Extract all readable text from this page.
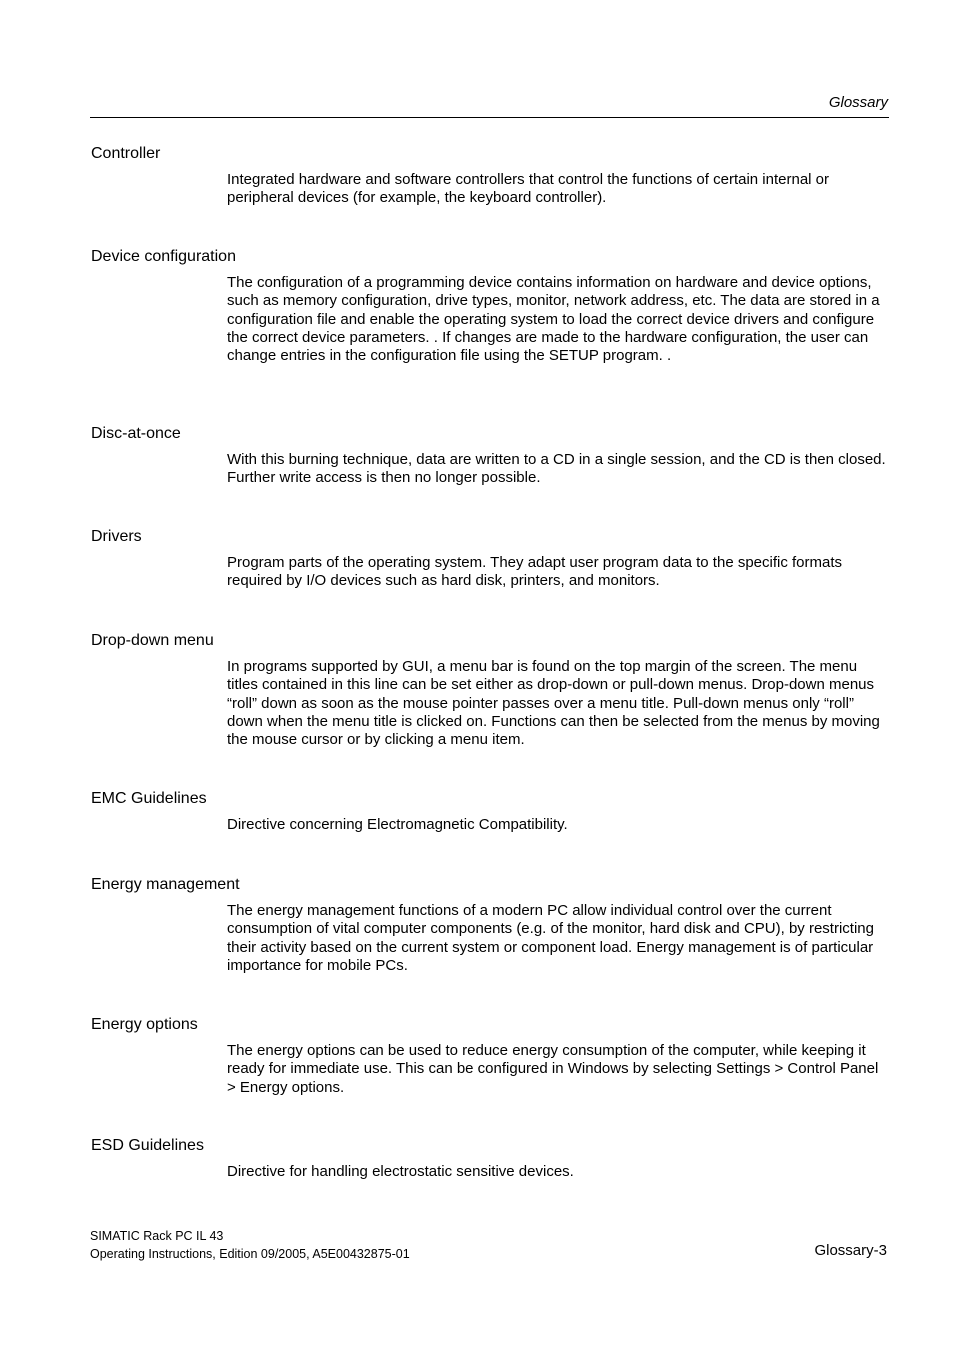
Glossary
Controller
Integrated hardware and software controllers that control the functions of certain internal or peripheral devices (for example, the keyboard controller).
Device configuration
The configuration of a programming device contains information on hardware and device options, such as memory configuration, drive types, monitor, network address, etc. The data are stored in a configuration file and enable the operating system to load the correct device drivers and configure the correct device parameters. . If changes are made to the hardware configuration, the user can change entries in the configuration file using the SETUP program. .
Disc-at-once
With this burning technique, data are written to a CD in a single session, and the CD is then closed. Further write access is then no longer possible.
Drivers
Program parts of the operating system. They adapt user program data to the specific formats required by I/O devices such as hard disk, printers, and monitors.
Drop-down menu
In programs supported by GUI, a menu bar is found on the top margin of the screen. The menu titles contained in this line can be set either as drop-down or pull-down menus. Drop-down menus “roll” down as soon as the mouse pointer passes over a menu title. Pull-down menus only “roll” down when the menu title is clicked on. Functions can then be selected from the menus by moving the mouse cursor or by clicking a menu item.
EMC Guidelines
Directive concerning Electromagnetic Compatibility.
Energy management
The energy management functions of a modern PC allow individual control over the current consumption of vital computer components (e.g. of the monitor, hard disk and CPU), by restricting their activity based on the current system or component load. Energy management is of particular importance for mobile PCs.
Energy options
The energy options can be used to reduce energy consumption of the computer, while keeping it ready for immediate use. This can be configured in Windows by selecting Settings > Control Panel > Energy options.
ESD Guidelines
Directive for handling electrostatic sensitive devices.
SIMATIC Rack PC IL 43
Operating Instructions, Edition 09/2005, A5E00432875-01	Glossary-3
